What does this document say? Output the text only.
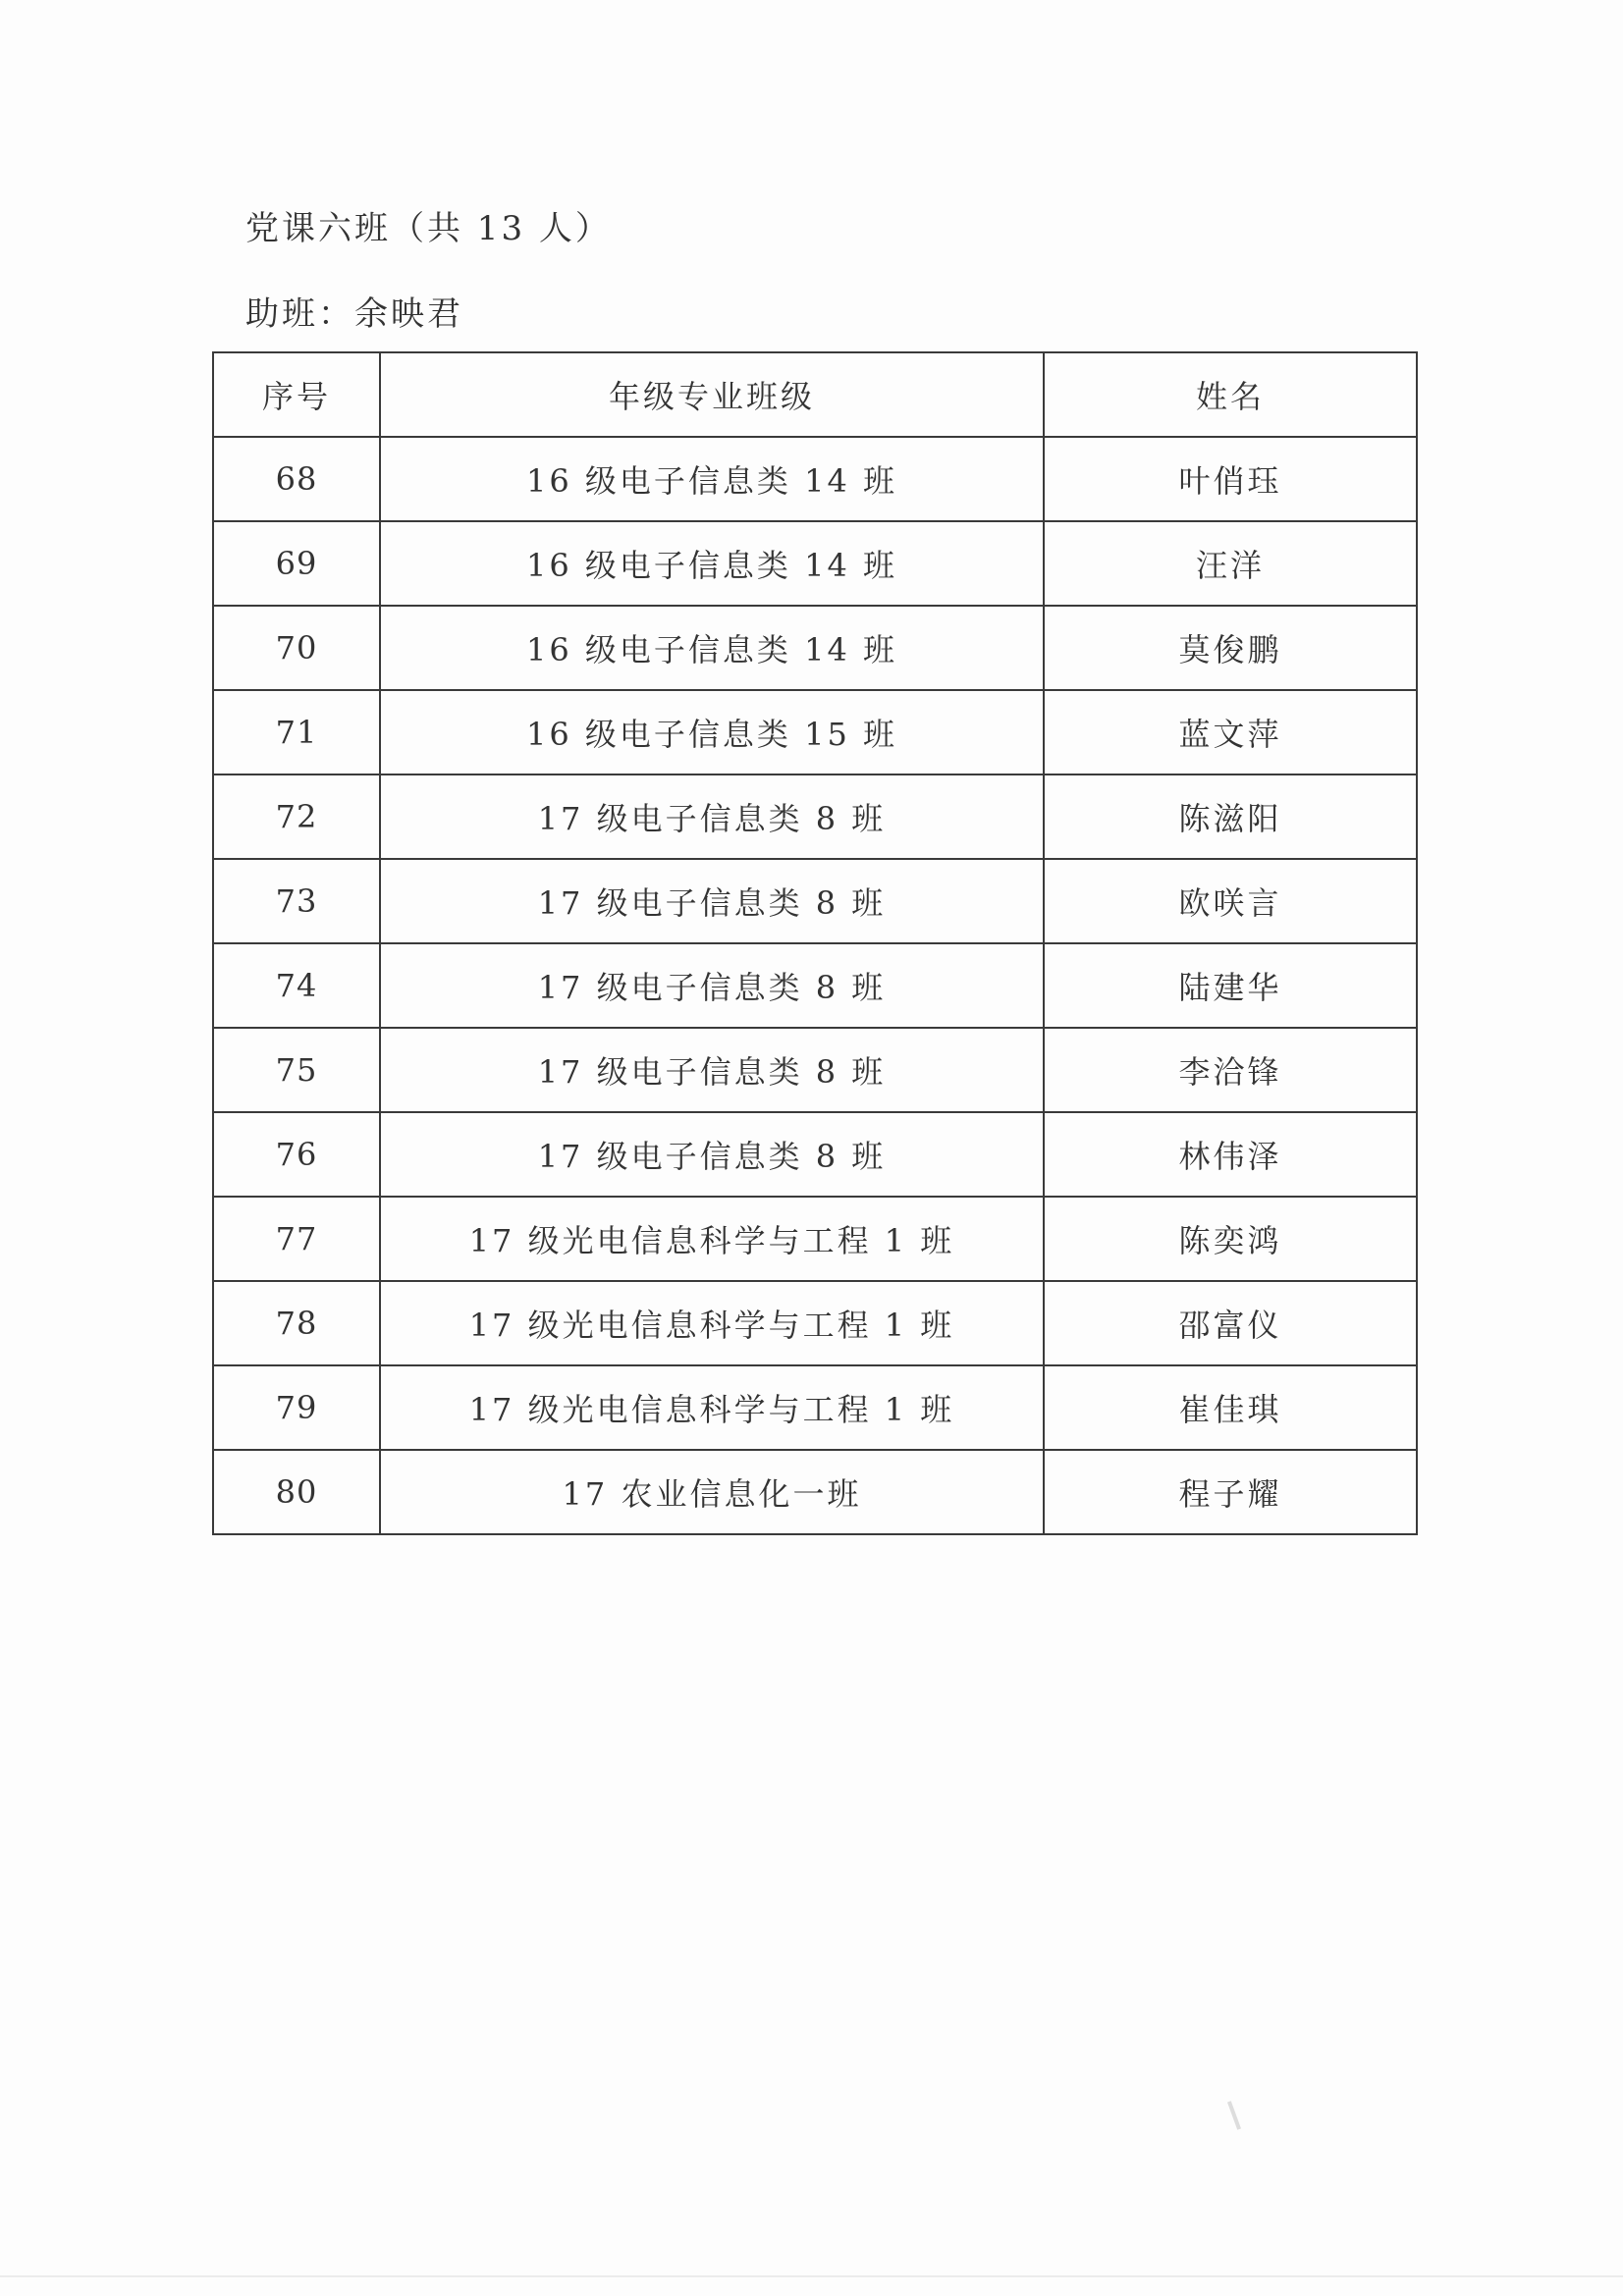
党课六班（共 13 人）
助班：余映君
序号	年级专业班级	姓名
68	16 级电子信息类 14 班	叶俏珏
69	16 级电子信息类 14 班	汪洋
70	16 级电子信息类 14 班	莫俊鹏
71	16 级电子信息类 15 班	蓝文萍
72	17 级电子信息类 8 班	陈滋阳
73	17 级电子信息类 8 班	欧咲言
74	17 级电子信息类 8 班	陆建华
75	17 级电子信息类 8 班	李洽锋
76	17 级电子信息类 8 班	林伟泽
77	17 级光电信息科学与工程 1 班	陈奕鸿
78	17 级光电信息科学与工程 1 班	邵富仪
79	17 级光电信息科学与工程 1 班	崔佳琪
80	17 农业信息化一班	程子耀
